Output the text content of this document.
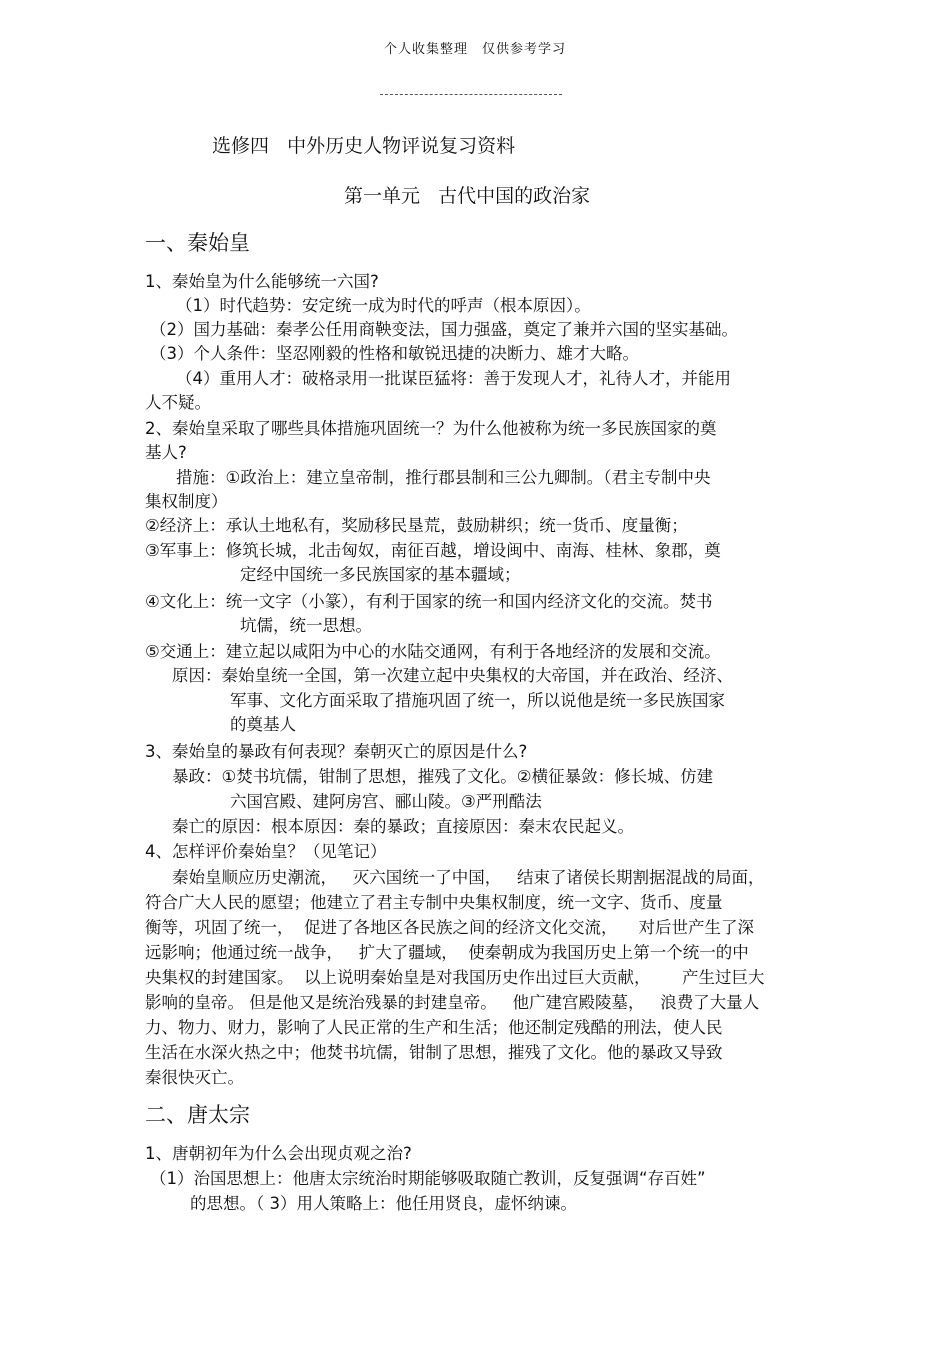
个人收集整理 仅供参考学习
选修四   中外历史人物评说复习资料
第一单元   古代中国的政治家
一、秦始皇
1、秦始皇为什么能够统一六国?
（1）时代趋势：安定统一成为时代的呼声（根本原因）。
（2）国力基础：秦孝公任用商鞅变法，国力强盛，奠定了兼并六国的坚实基础。
（3）个人条件：坚忍刚毅的性格和敏锐迅捷的决断力、雄才大略。
（4）重用人才：破格录用一批谋臣猛将：善于发现人才，礼待人才，并能用
人不疑。
2、秦始皇采取了哪些具体措施巩固统一？为什么他被称为统一多民族国家的奠
基人?
措施：①政治上：建立皇帝制，推行郡县制和三公九卿制。（君主专制中央
集权制度）
②经济上：承认土地私有，奖励移民垦荒，鼓励耕织；统一货币、度量衡；
③军事上：修筑长城，北击匈奴，南征百越，增设闽中、南海、桂林、象郡，奠
定经中国统一多民族国家的基本疆域；
④文化上：统一文字（小篆），有利于国家的统一和国内经济文化的交流。焚书
坑儒，统一思想。
⑤交通上：建立起以咸阳为中心的水陆交通网，有利于各地经济的发展和交流。
原因：秦始皇统一全国，第一次建立起中央集权的大帝国，并在政治、经济、
军事、文化方面采取了措施巩固了统一，所以说他是统一多民族国家
的奠基人
3、秦始皇的暴政有何表现？秦朝灭亡的原因是什么?
暴政：①焚书坑儒，钳制了思想，摧残了文化。②横征暴敛：修长城、仿建
六国宫殿、建阿房宫、郦山陵。③严刑酷法
秦亡的原因：根本原因：秦的暴政；直接原因：秦末农民起义。
4、怎样评价秦始皇？（见笔记）
秦始皇顺应历史潮流，   灭六国统一了中国，   结束了诸侯长期割据混战的局面，
符合广大人民的愿望；他建立了君主专制中央集权制度，统一文字、货币、度量
衡等，巩固了统一，  促进了各地区各民族之间的经济文化交流，    对后世产生了深
远影响；他通过统一战争，   扩大了疆域，  使秦朝成为我国历史上第一个统一的中
央集权的封建国家。  以上说明秦始皇是对我国历史作出过巨大贡献，      产生过巨大
影响的皇帝。 但是他又是统治残暴的封建皇帝。   他广建宫殿陵墓，   浪费了大量人
力、物力、财力，影响了人民正常的生产和生活；他还制定残酷的刑法，使人民
生活在水深火热之中；他焚书坑儒，钳制了思想，摧残了文化。他的暴政又导致
秦很快灭亡。
二、唐太宗
1、唐朝初年为什么会出现贞观之治?
（1）治国思想上：他唐太宗统治时期能够吸取随亡教训，反复强调“存百姓”
的思想。（ 3）用人策略上：他任用贤良，虚怀纳谏。
